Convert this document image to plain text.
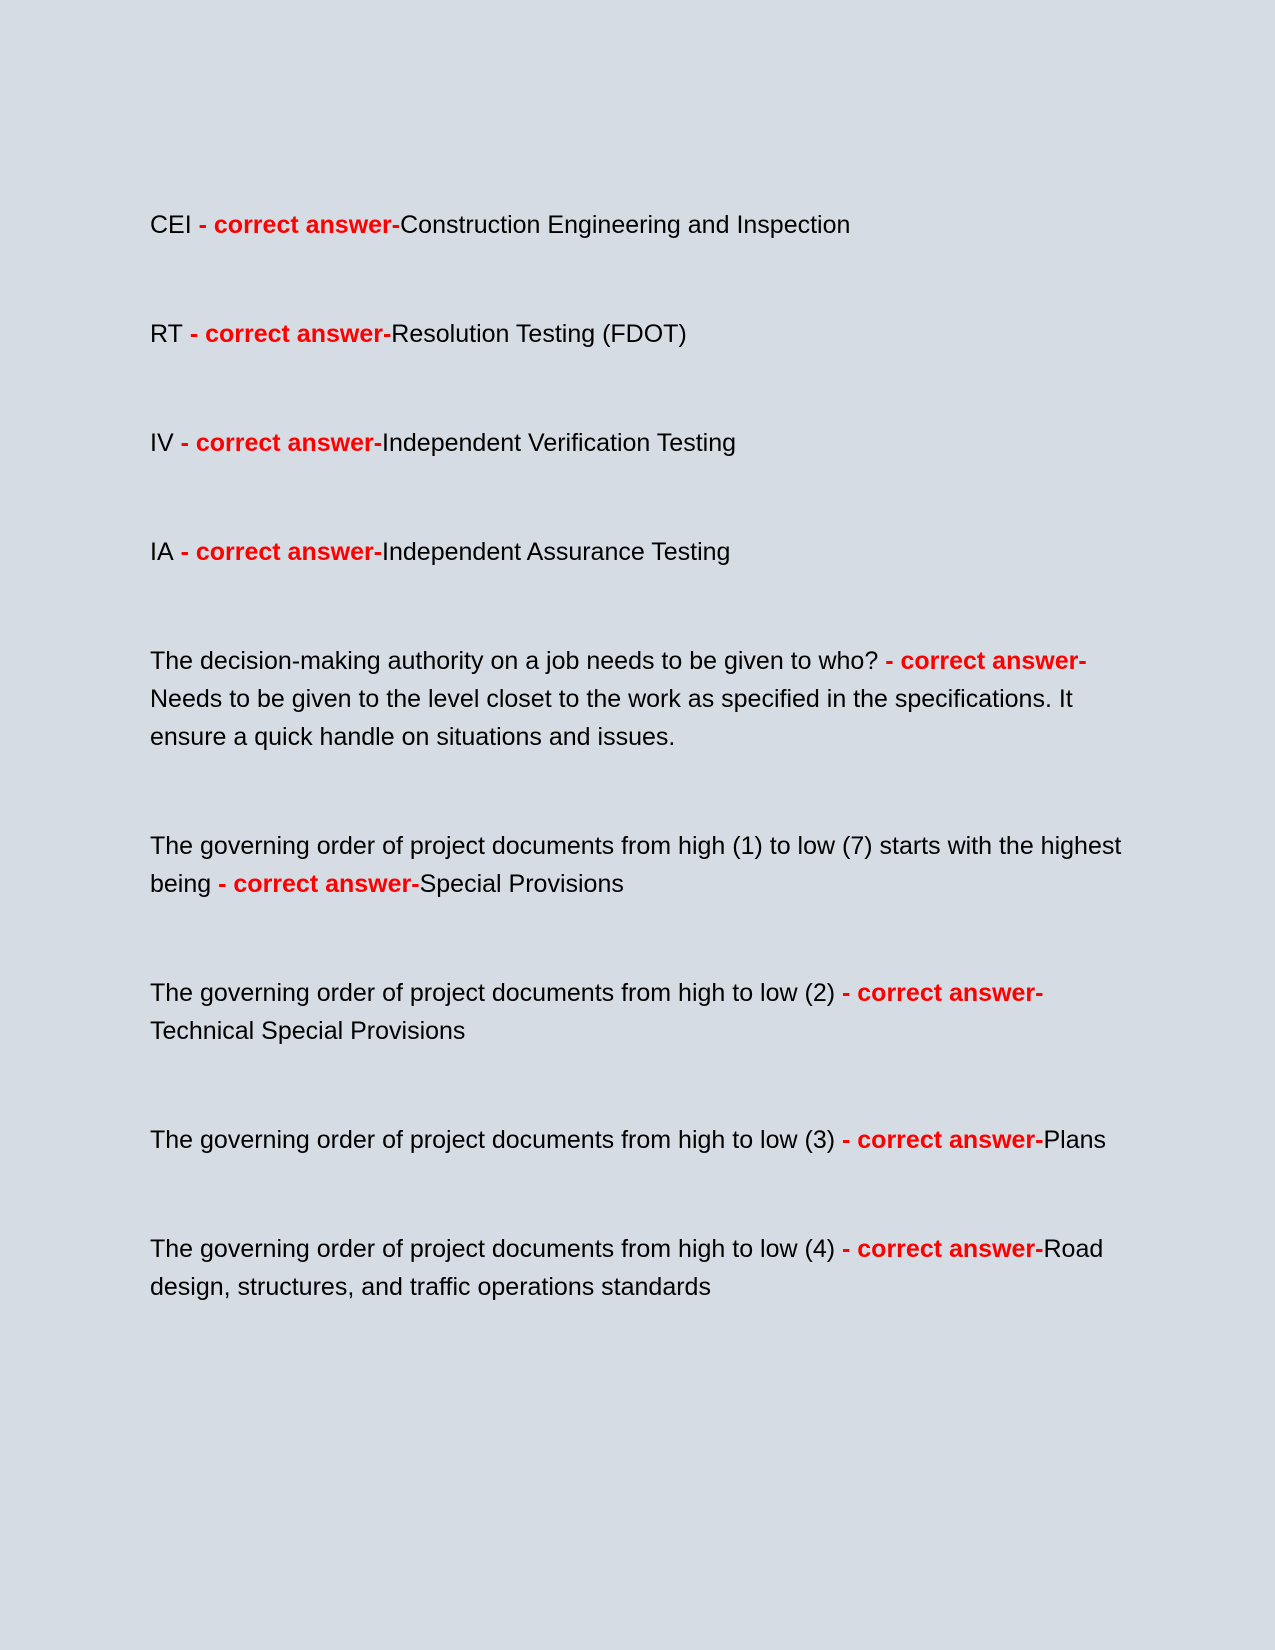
CEI - correct answer-Construction Engineering and Inspection

RT - correct answer-Resolution Testing (FDOT)

IV - correct answer-Independent Verification Testing

IA - correct answer-Independent Assurance Testing

The decision-making authority on a job needs to be given to who? - correct answer-Needs to be given to the level closet to the work as specified in the specifications. It ensure a quick handle on situations and issues.

The governing order of project documents from high (1) to low (7) starts with the highest being - correct answer-Special Provisions

The governing order of project documents from high to low (2) - correct answer-Technical Special Provisions

The governing order of project documents from high to low (3) - correct answer-Plans

The governing order of project documents from high to low (4) - correct answer-Road design, structures, and traffic operations standards
